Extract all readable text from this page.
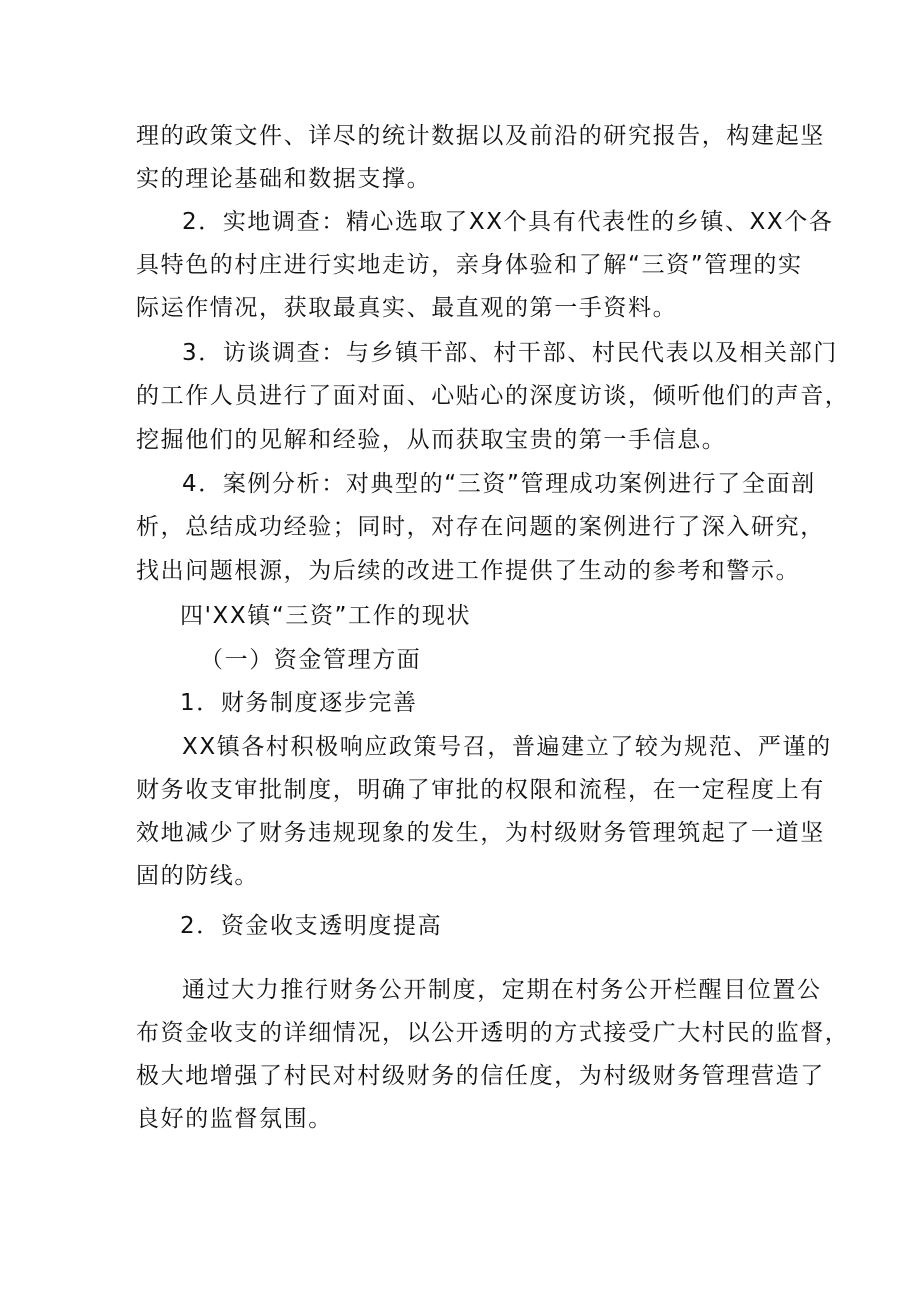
理的政策文件、详尽的统计数据以及前沿的研究报告，构建起坚
实的理论基础和数据支撑。
2．实地调查：精心选取了XX个具有代表性的乡镇、XX个各
具特色的村庄进行实地走访，亲身体验和了解“三资”管理的实
际运作情况，获取最真实、最直观的第一手资料。
3．访谈调查：与乡镇干部、村干部、村民代表以及相关部门
的工作人员进行了面对面、心贴心的深度访谈，倾听他们的声音，
挖掘他们的见解和经验，从而获取宝贵的第一手信息。
4．案例分析：对典型的“三资”管理成功案例进行了全面剖
析，总结成功经验；同时，对存在问题的案例进行了深入研究，
找出问题根源，为后续的改进工作提供了生动的参考和警示。
四'XX镇“三资”工作的现状
（一）资金管理方面
1．财务制度逐步完善
XX镇各村积极响应政策号召，普遍建立了较为规范、严谨的
财务收支审批制度，明确了审批的权限和流程，在一定程度上有
效地减少了财务违规现象的发生，为村级财务管理筑起了一道坚
固的防线。
2．资金收支透明度提高
通过大力推行财务公开制度，定期在村务公开栏醒目位置公
布资金收支的详细情况，以公开透明的方式接受广大村民的监督，
极大地增强了村民对村级财务的信任度，为村级财务管理营造了
良好的监督氛围。
